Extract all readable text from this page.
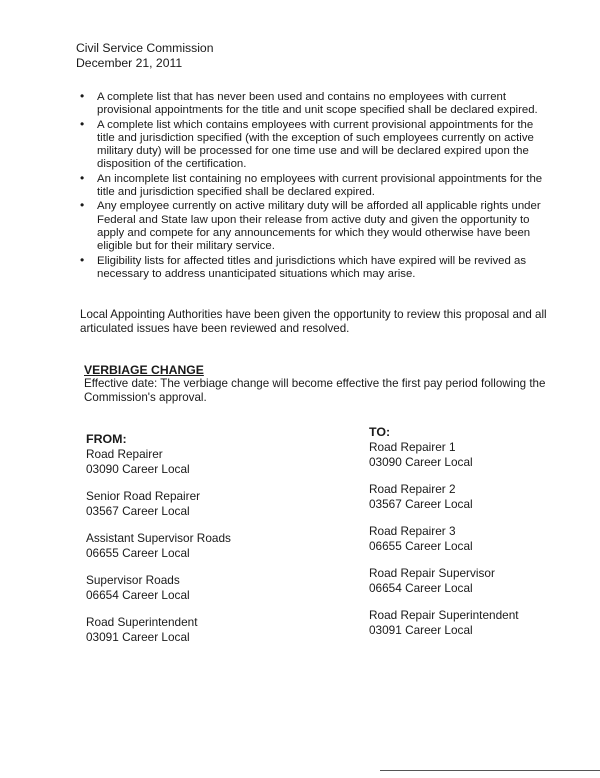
Civil Service Commission
December 21, 2011
• A complete list that has never been used and contains no employees with current provisional appointments for the title and unit scope specified shall be declared expired.
• A complete list which contains employees with current provisional appointments for the title and jurisdiction specified (with the exception of such employees currently on active military duty) will be processed for one time use and will be declared expired upon the disposition of the certification.
• An incomplete list containing no employees with current provisional appointments for the title and jurisdiction specified shall be declared expired.
• Any employee currently on active military duty will be afforded all applicable rights under Federal and State law upon their release from active duty and given the opportunity to apply and compete for any announcements for which they would otherwise have been eligible but for their military service.
• Eligibility lists for affected titles and jurisdictions which have expired will be revived as necessary to address unanticipated situations which may arise.
Local Appointing Authorities have been given the opportunity to review this proposal and all articulated issues have been reviewed and resolved.
VERBIAGE CHANGE
Effective date: The verbiage change will become effective the first pay period following the Commission's approval.
FROM:
Road Repairer
03090 Career Local
Senior Road Repairer
03567 Career Local
Assistant Supervisor Roads
06655 Career Local
Supervisor Roads
06654 Career Local
Road Superintendent
03091 Career Local
TO:
Road Repairer 1
03090 Career Local
Road Repairer 2
03567 Career Local
Road Repairer 3
06655 Career Local
Road Repair Supervisor
06654 Career Local
Road Repair Superintendent
03091 Career Local
